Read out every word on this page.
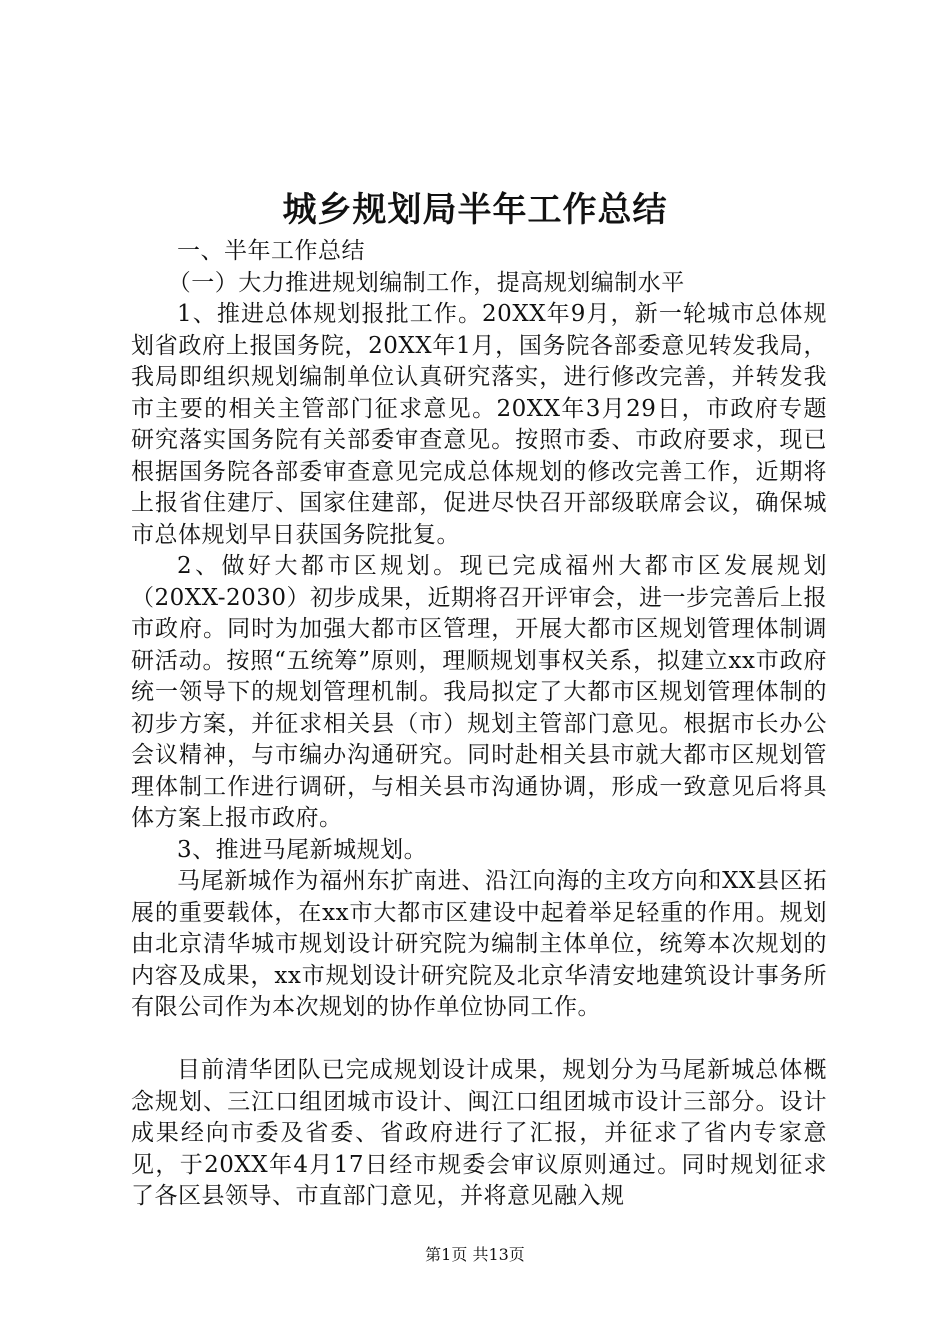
城乡规划局半年工作总结

一、半年工作总结

（一）大力推进规划编制工作，提高规划编制水平

1、推进总体规划报批工作。20XX年9月，新一轮城市总体规划省政府上报国务院，20XX年1月，国务院各部委意见转发我局，我局即组织规划编制单位认真研究落实，进行修改完善，并转发我市主要的相关主管部门征求意见。20XX年3月29日，市政府专题研究落实国务院有关部委审查意见。按照市委、市政府要求，现已根据国务院各部委审查意见完成总体规划的修改完善工作，近期将上报省住建厅、国家住建部，促进尽快召开部级联席会议，确保城市总体规划早日获国务院批复。

2、做好大都市区规划。现已完成福州大都市区发展规划（20XX-2030）初步成果，近期将召开评审会，进一步完善后上报市政府。同时为加强大都市区管理，开展大都市区规划管理体制调研活动。按照“五统筹”原则，理顺规划事权关系，拟建立xx市政府统一领导下的规划管理机制。我局拟定了大都市区规划管理体制的初步方案，并征求相关县（市）规划主管部门意见。根据市长办公会议精神，与市编办沟通研究。同时赴相关县市就大都市区规划管理体制工作进行调研，与相关县市沟通协调，形成一致意见后将具体方案上报市政府。

3、推进马尾新城规划。

马尾新城作为福州东扩南进、沿江向海的主攻方向和XX县区拓展的重要载体，在xx市大都市区建设中起着举足轻重的作用。规划由北京清华城市规划设计研究院为编制主体单位，统筹本次规划的内容及成果，xx市规划设计研究院及北京华清安地建筑设计事务所有限公司作为本次规划的协作单位协同工作。

目前清华团队已完成规划设计成果，规划分为马尾新城总体概念规划、三江口组团城市设计、闽江口组团城市设计三部分。设计成果经向市委及省委、省政府进行了汇报，并征求了省内专家意见，于20XX年4月17日经市规委会审议原则通过。同时规划征求了各区县领导、市直部门意见，并将意见融入规

第1页 共13页
